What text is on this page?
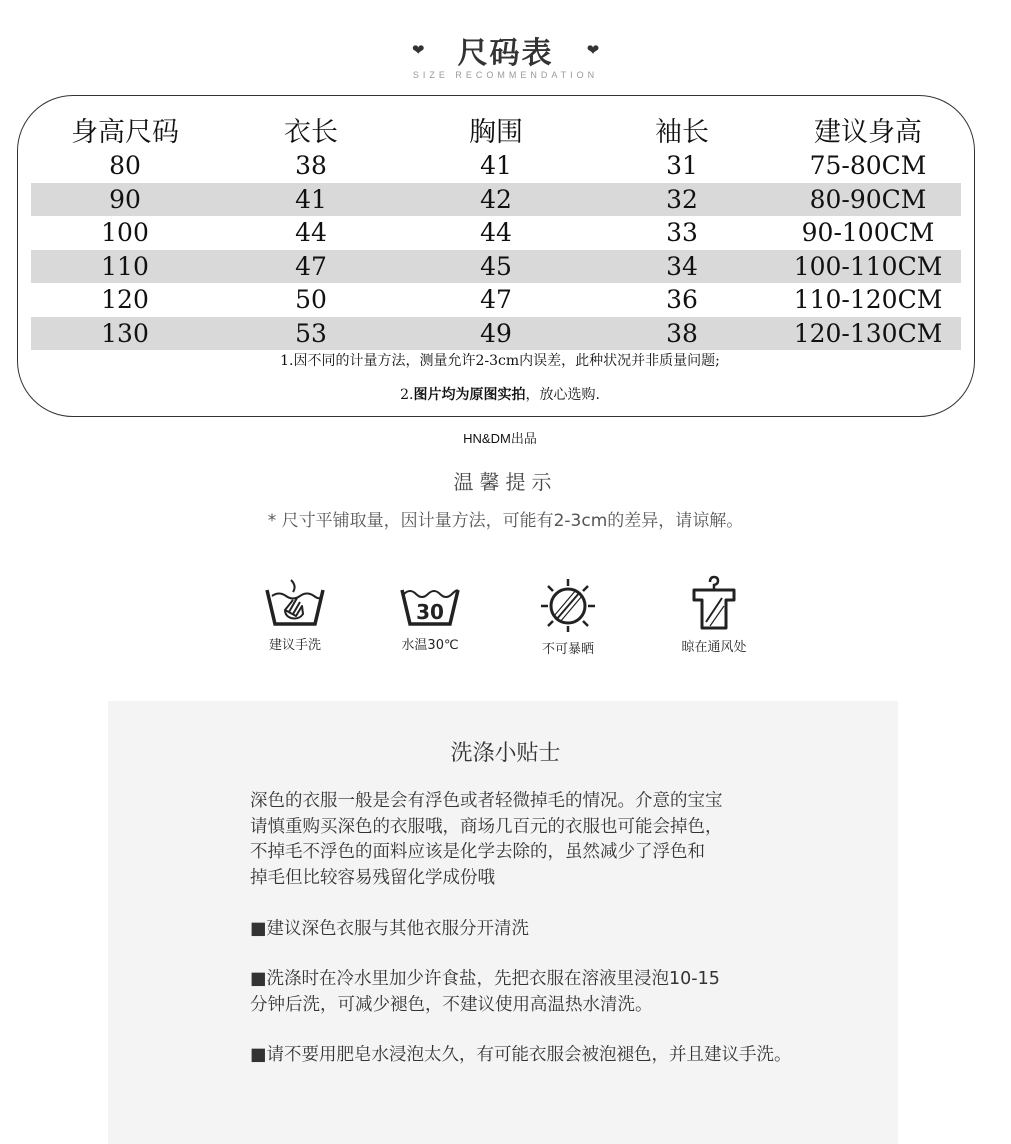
❤ 尺码表 ❤
SIZE RECOMMENDATION
身高尺码	衣长	胸围	袖长	建议身高
80	38	41	31	75-80CM
90	41	42	32	80-90CM
100	44	44	33	90-100CM
110	47	45	34	100-110CM
120	50	47	36	110-120CM
130	53	49	38	120-130CM
1.因不同的计量方法，测量允许2-3cm内误差，此种状况并非质量问题;
2.图片均为原图实拍，放心选购.
HN&DM出品
温馨提示
* 尺寸平铺取量，因计量方法，可能有2-3cm的差异，请谅解。
建议手洗
30
水温30℃	不可暴晒	晾在通风处
洗涤小贴士

深色的衣服一般是会有浮色或者轻微掉毛的情况。介意的宝宝

请慎重购买深色的衣服哦，商场几百元的衣服也可能会掉色，

不掉毛不浮色的面料应该是化学去除的，虽然减少了浮色和

掉毛但比较容易残留化学成份哦

■建议深色衣服与其他衣服分开清洗

■洗涤时在冷水里加少许食盐，先把衣服在溶液里浸泡10-15

分钟后洗，可减少褪色，不建议使用高温热水清洗。

■请不要用肥皂水浸泡太久，有可能衣服会被泡褪色，并且建议手洗。
